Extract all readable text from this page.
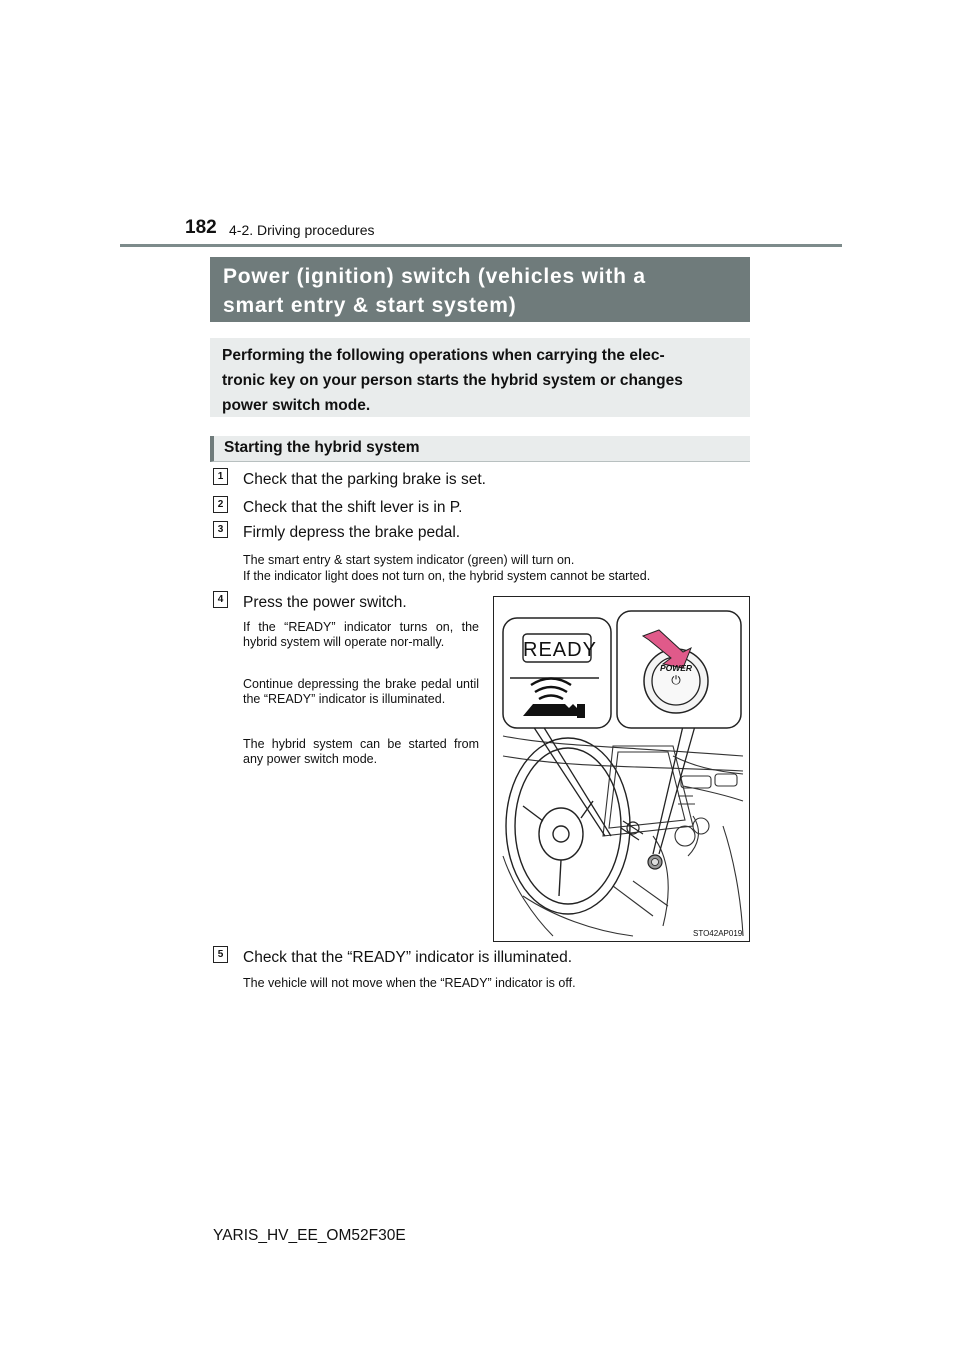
182 4-2. Driving procedures
Power (ignition) switch (vehicles with a
smart entry & start system)
Performing the following operations when carrying the elec-
tronic key on your person starts the hybrid system or changes
power switch mode.
Starting the hybrid system
1	Check that the parking brake is set.
2	Check that the shift lever is in P.
3	Firmly depress the brake pedal.
The smart entry & start system indicator (green) will turn on.
If the indicator light does not turn on, the hybrid system cannot be started.
4	Press the power switch.
If the “READY” indicator turns on, the hybrid system will operate nor-mally.
Continue depressing the brake pedal until the “READY” indicator is illuminated.
The hybrid system can be started from any power switch mode.
READY
POWER
⏻
STO42AP019
5	Check that the “READY” indicator is illuminated.
The vehicle will not move when the “READY” indicator is off.
YARIS_HV_EE_OM52F30E
